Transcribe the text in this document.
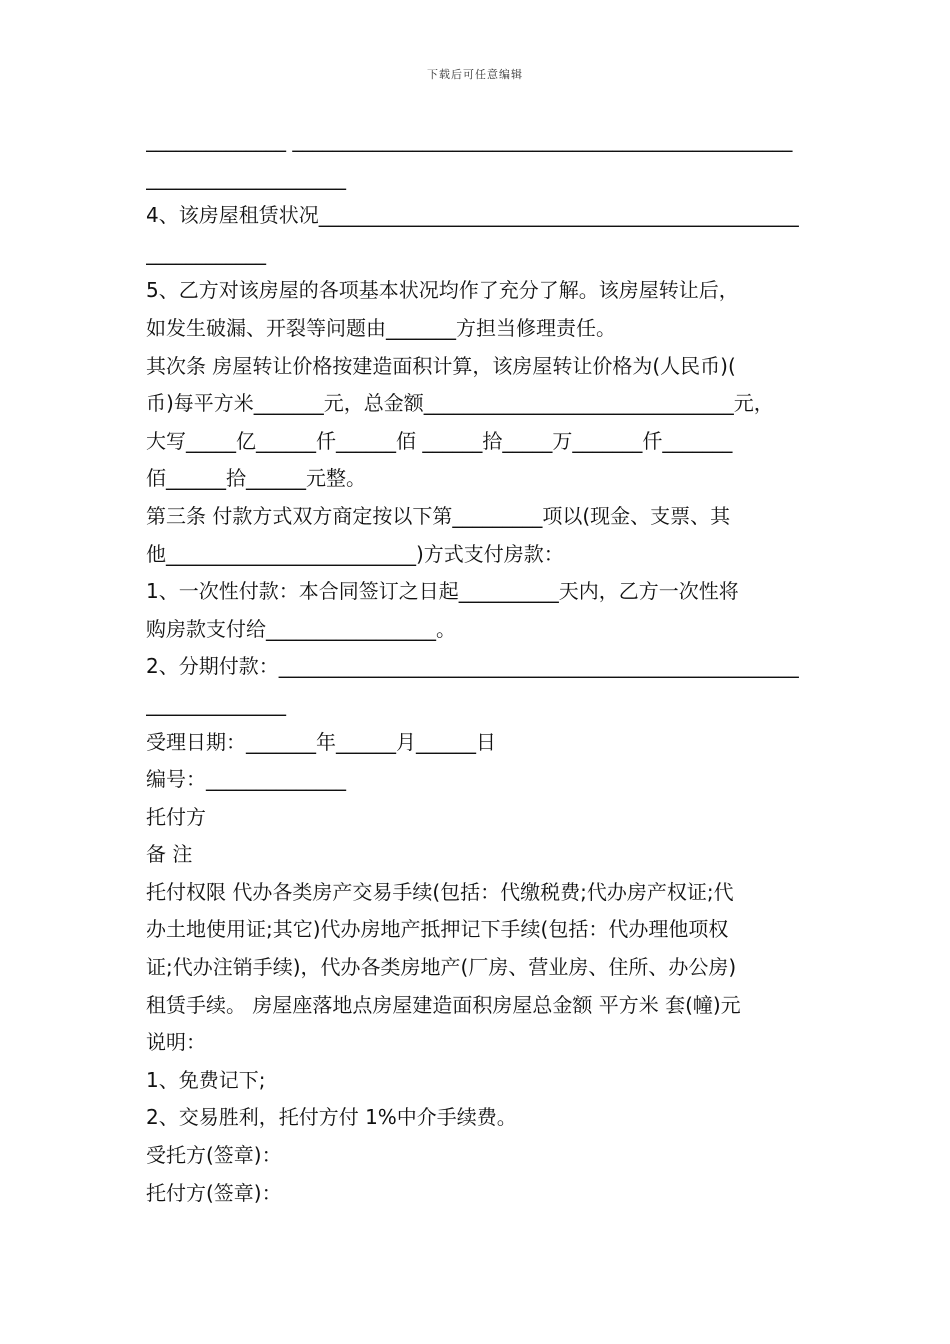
下载后可任意编辑
______________ __________________________________________________
____________________
4、该房屋租赁状况________________________________________________
____________
5、乙方对该房屋的各项基本状况均作了充分了解。该房屋转让后，
如发生破漏、开裂等问题由_______方担当修理责任。
其次条 房屋转让价格按建造面积计算，该房屋转让价格为(人民币)(
币)每平方米_______元，总金额_______________________________元，
大写_____亿______仟______佰 ______拾_____万_______仟_______
佰______拾______元整。
第三条 付款方式双方商定按以下第_________项以(现金、支票、其
他_________________________)方式支付房款：
1、一次性付款：本合同签订之日起__________天内，乙方一次性将
购房款支付给_________________。
2、分期付款：____________________________________________________
______________
受理日期：_______年______月______日
编号：______________
托付方
备 注
托付权限 代办各类房产交易手续(包括：代缴税费;代办房产权证;代
办土地使用证;其它)代办房地产抵押记下手续(包括：代办理他项权
证;代办注销手续)，代办各类房地产(厂房、营业房、住所、办公房)
租赁手续。 房屋座落地点房屋建造面积房屋总金额 平方米 套(幢)元
说明：
1、免费记下;
2、交易胜利，托付方付 1%中介手续费。
受托方(签章)：
托付方(签章)：
